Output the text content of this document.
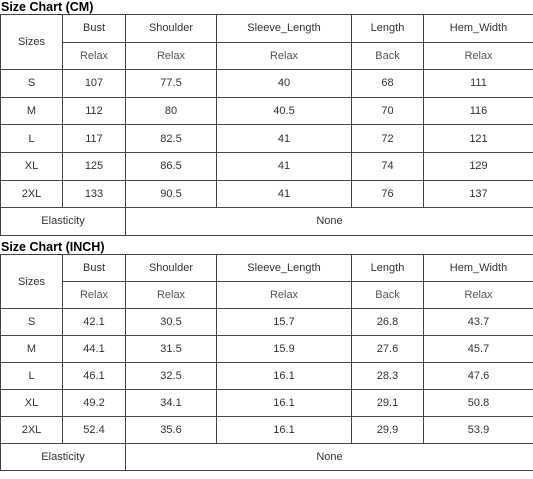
Size Chart (CM)
Sizes	Bust	Shoulder	Sleeve_Length	Length	Hem_Width
	Relax	Relax	Relax	Back	Relax
S	107	77.5	40	68	111
M	112	80	40.5	70	116
L	117	82.5	41	72	121
XL	125	86.5	41	74	129
2XL	133	90.5	41	76	137
Elasticity		None			
Size Chart (INCH)
Sizes	Bust	Shoulder	Sleeve_Length	Length	Hem_Width
	Relax	Relax	Relax	Back	Relax
S	42.1	30.5	15.7	26.8	43.7
M	44.1	31.5	15.9	27.6	45.7
L	46.1	32.5	16.1	28.3	47.6
XL	49.2	34.1	16.1	29.1	50.8
2XL	52.4	35.6	16.1	29.9	53.9
Elasticity		None			
